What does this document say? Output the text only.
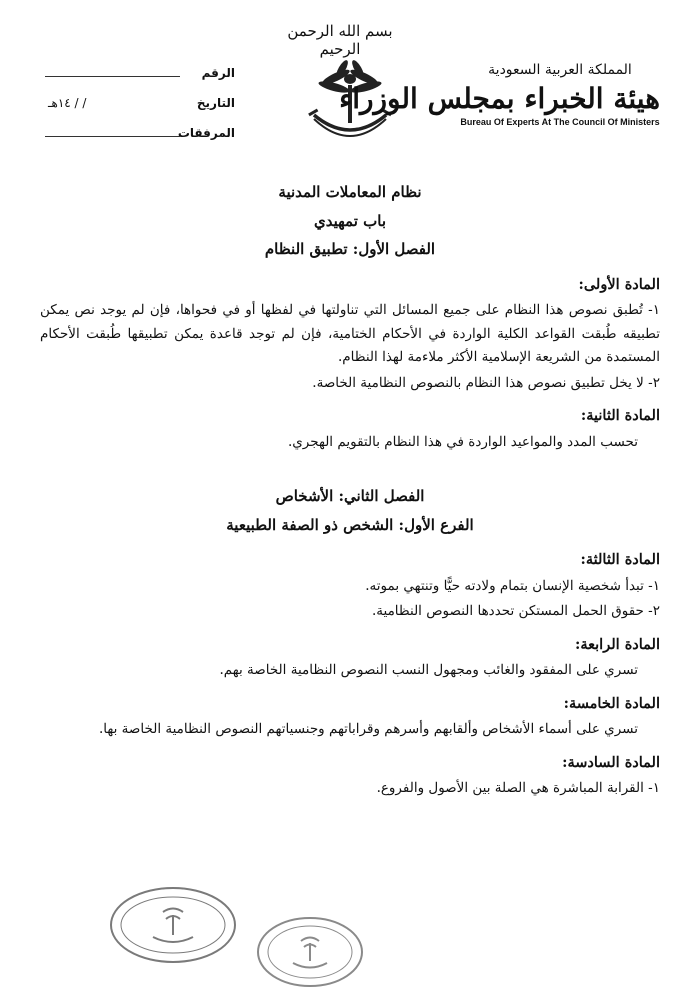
بسم الله الرحمن الرحيم
المملكة العربية السعودية
هيئة الخبراء بمجلس الوزراء
Bureau Of Experts At The Council Of Ministers
الرقم
التاريخ
/ / ١٤هـ
المرفقات

نظام المعاملات المدنية

باب تمهيدي

الفصل الأول: تطبيق النظام

المادة الأولى:

١- تُطبق نصوص هذا النظام على جميع المسائل التي تناولتها في لفظها أو في فحواها، فإن لم يوجد نص يمكن تطبيقه طُبقت القواعد الكلية الواردة في الأحكام الختامية، فإن لم توجد قاعدة يمكن تطبيقها طُبقت الأحكام المستمدة من الشريعة الإسلامية الأكثر ملاءمة لهذا النظام.

٢- لا يخل تطبيق نصوص هذا النظام بالنصوص النظامية الخاصة.

المادة الثانية:

تحسب المدد والمواعيد الواردة في هذا النظام بالتقويم الهجري.

الفصل الثاني: الأشخاص

الفرع الأول: الشخص ذو الصفة الطبيعية

المادة الثالثة:

١- تبدأ شخصية الإنسان بتمام ولادته حيًّا وتنتهي بموته.

٢- حقوق الحمل المستكن تحددها النصوص النظامية.

المادة الرابعة:

تسري على المفقود والغائب ومجهول النسب النصوص النظامية الخاصة بهم.

المادة الخامسة:

تسري على أسماء الأشخاص وألقابهم وأسرهم وقراباتهم وجنسياتهم النصوص النظامية الخاصة بها.

المادة السادسة:

١- القرابة المباشرة هي الصلة بين الأصول والفروع.
